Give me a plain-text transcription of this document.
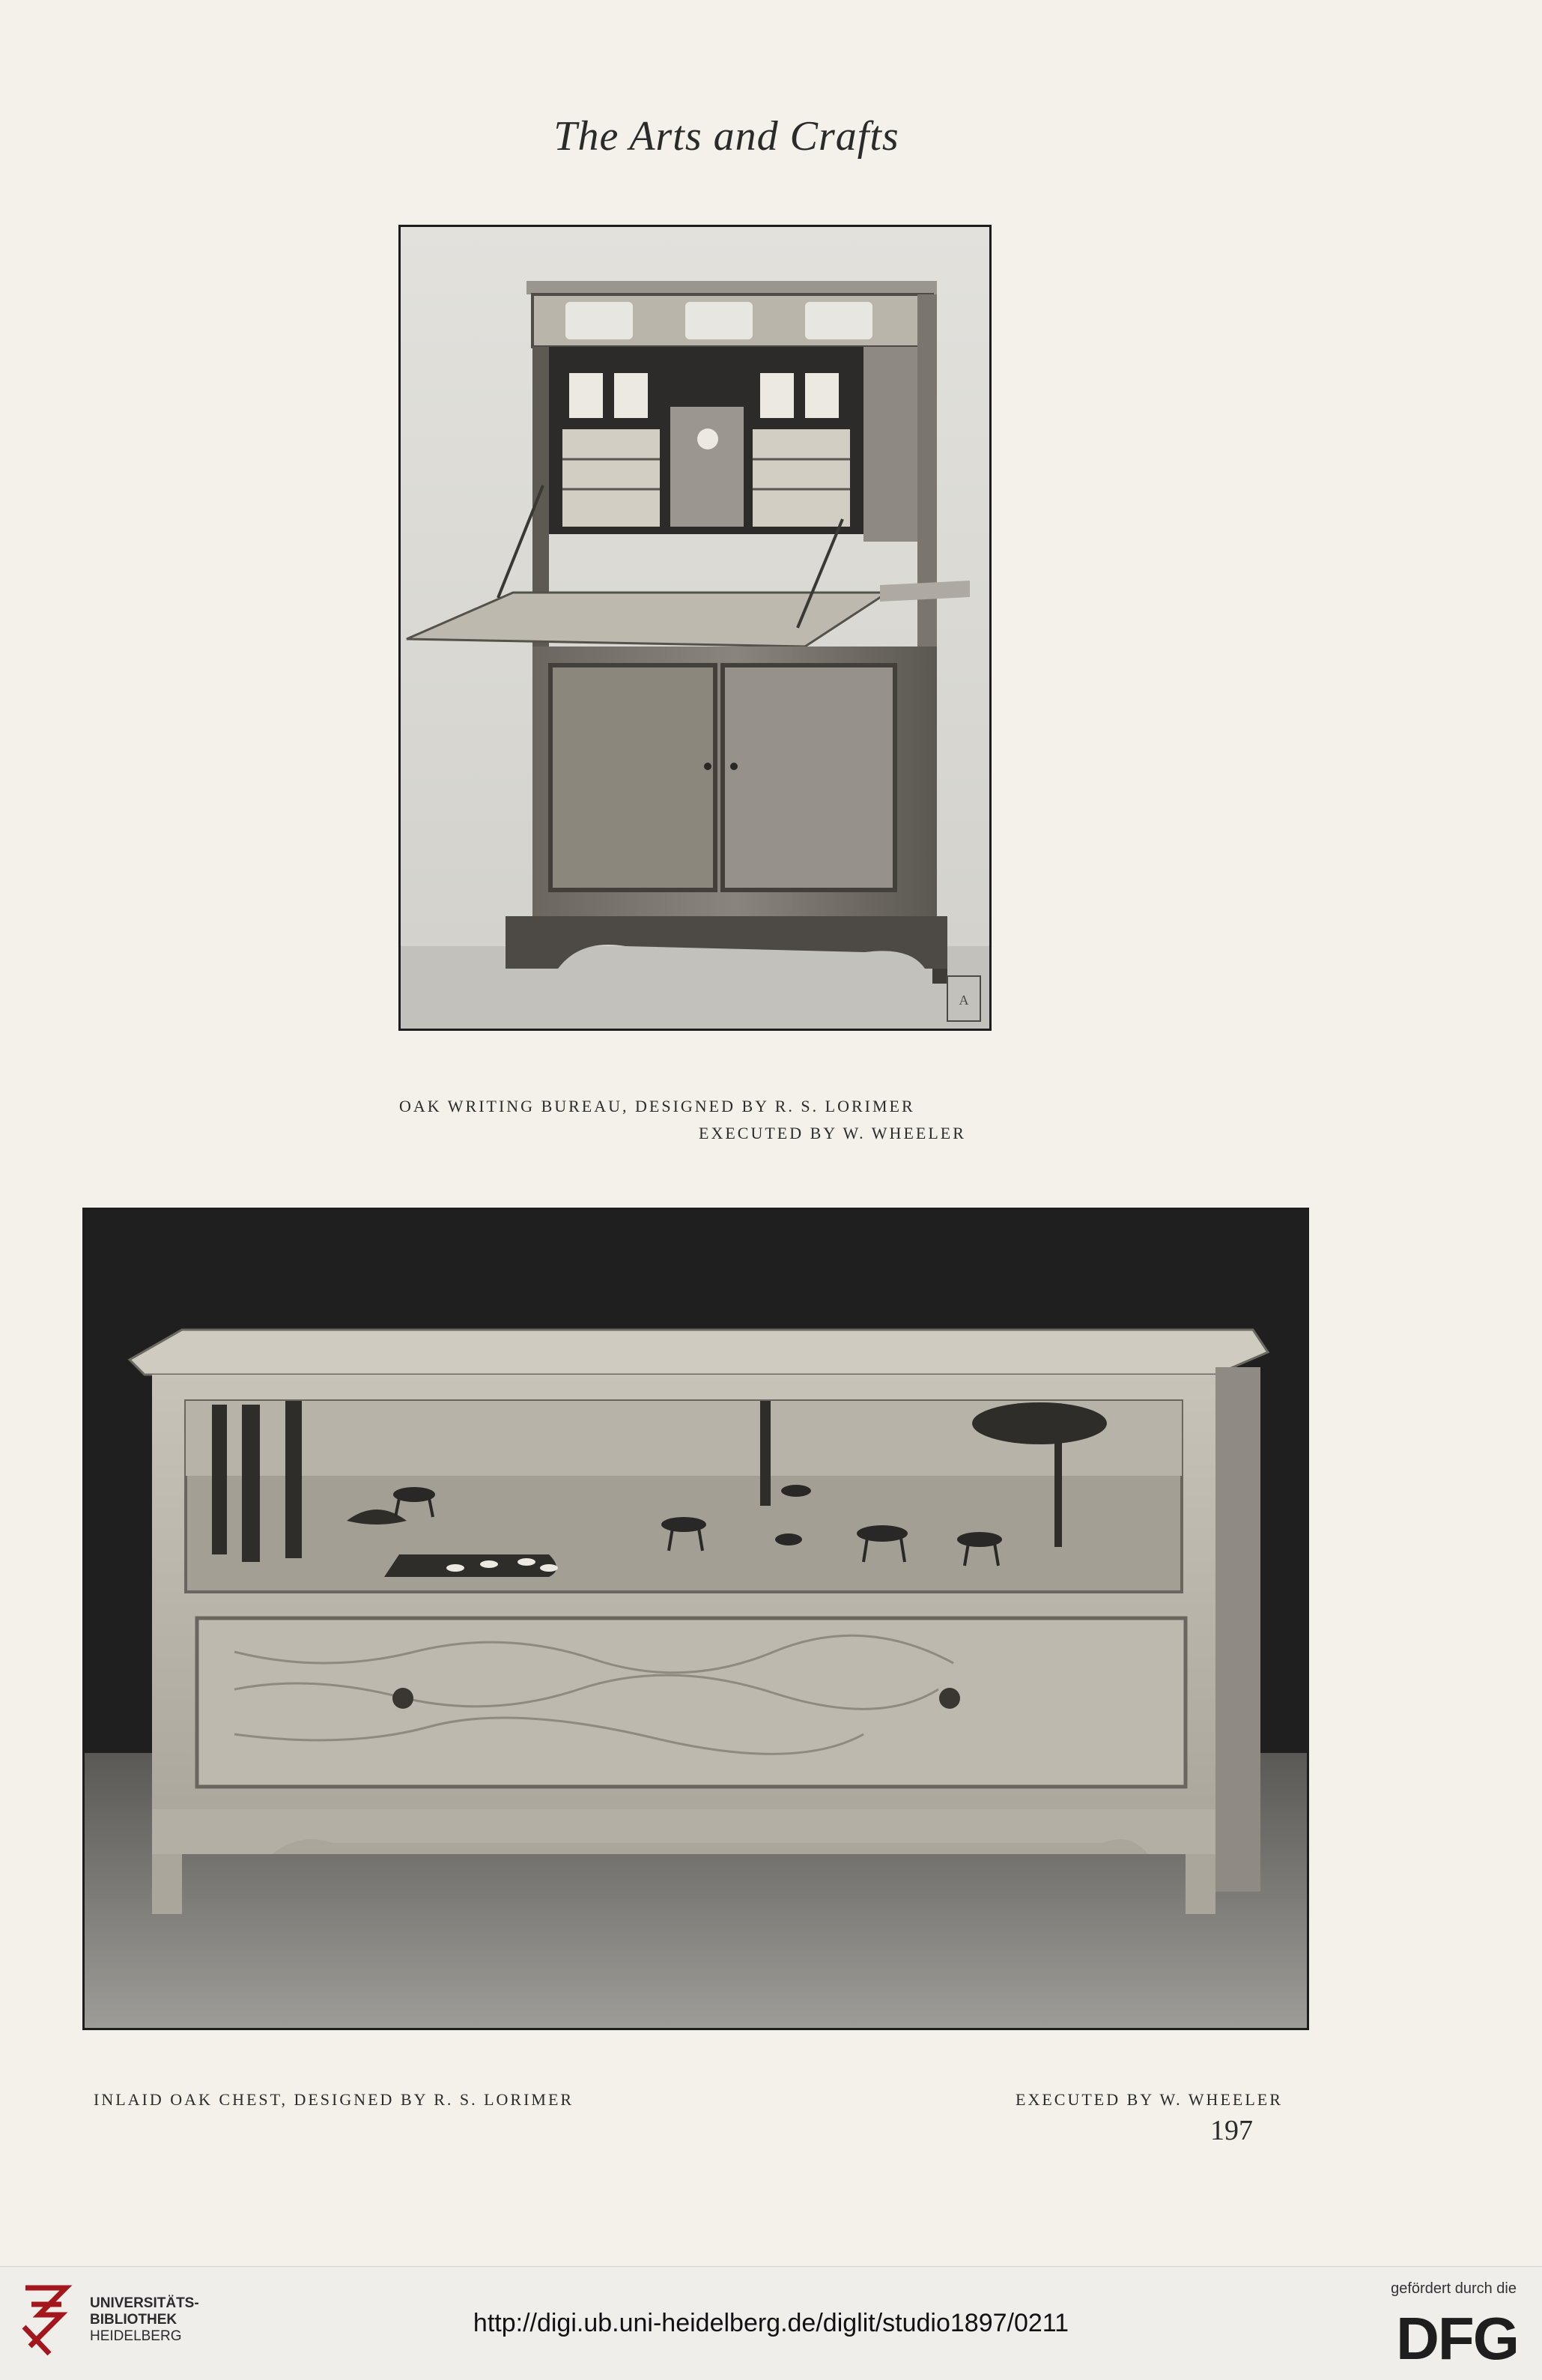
The Arts and Crafts
A
OAK WRITING BUREAU, DESIGNED BY R. S. LORIMER
EXECUTED BY W. WHEELER
INLAID OAK CHEST, DESIGNED BY R. S. LORIMER	EXECUTED BY W. WHEELER
197
UNIVERSITÄTS-
BIBLIOTHEK
HEIDELBERG	http://digi.ub.uni-heidelberg.de/diglit/studio1897/0211
gefördert durch die
DFG
